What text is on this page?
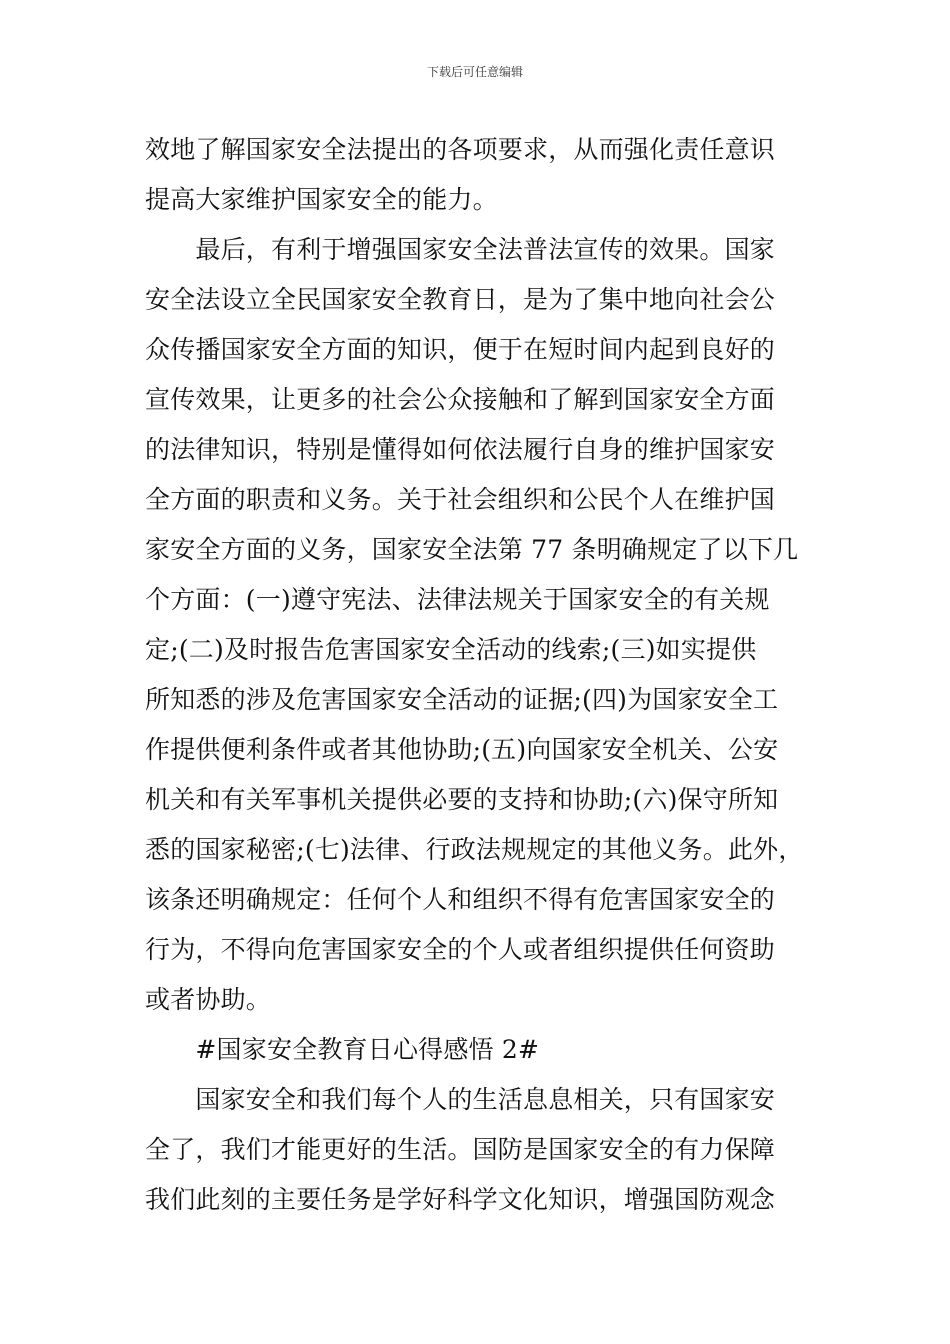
下载后可任意编辑
效地了解国家安全法提出的各项要求，从而强化责任意识
提高大家维护国家安全的能力。
　　最后，有利于增强国家安全法普法宣传的效果。国家
安全法设立全民国家安全教育日，是为了集中地向社会公
众传播国家安全方面的知识，便于在短时间内起到良好的
宣传效果，让更多的社会公众接触和了解到国家安全方面
的法律知识，特别是懂得如何依法履行自身的维护国家安
全方面的职责和义务。关于社会组织和公民个人在维护国
家安全方面的义务，国家安全法第 77 条明确规定了以下几
个方面：(一)遵守宪法、法律法规关于国家安全的有关规
定;(二)及时报告危害国家安全活动的线索;(三)如实提供
所知悉的涉及危害国家安全活动的证据;(四)为国家安全工
作提供便利条件或者其他协助;(五)向国家安全机关、公安
机关和有关军事机关提供必要的支持和协助;(六)保守所知
悉的国家秘密;(七)法律、行政法规规定的其他义务。此外，
该条还明确规定：任何个人和组织不得有危害国家安全的
行为，不得向危害国家安全的个人或者组织提供任何资助
或者协助。
　　#国家安全教育日心得感悟 2#
　　国家安全和我们每个人的生活息息相关，只有国家安
全了，我们才能更好的生活。国防是国家安全的有力保障
我们此刻的主要任务是学好科学文化知识，增强国防观念
